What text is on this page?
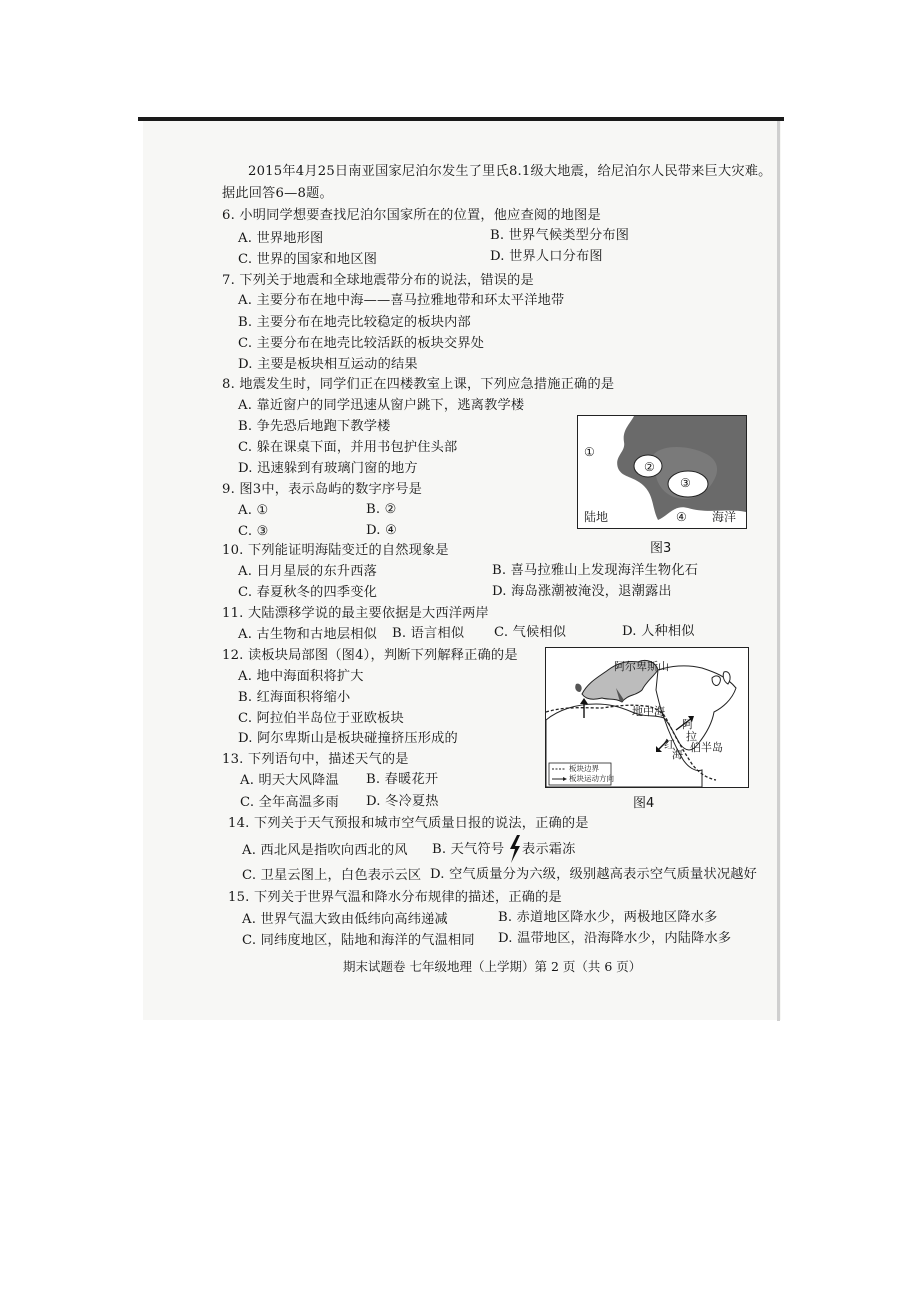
2015年4月25日南亚国家尼泊尔发生了里氏8.1级大地震，给尼泊尔人民带来巨大灾难。
据此回答6—8题。
6. 小明同学想要查找尼泊尔国家所在的位置，他应查阅的地图是
A. 世界地形图	B. 世界气候类型分布图
C. 世界的国家和地区图	D. 世界人口分布图
7. 下列关于地震和全球地震带分布的说法，错误的是
A. 主要分布在地中海——喜马拉雅地带和环太平洋地带
B. 主要分布在地壳比较稳定的板块内部
C. 主要分布在地壳比较活跃的板块交界处
D. 主要是板块相互运动的结果
8. 地震发生时，同学们正在四楼教室上课，下列应急措施正确的是
A. 靠近窗户的同学迅速从窗户跳下，逃离教学楼
B. 争先恐后地跑下教学楼
C. 躲在课桌下面，并用书包护住头部
D. 迅速躲到有玻璃门窗的地方
9. 图3中，表示岛屿的数字序号是
A. ①	B. ②
C. ③	D. ④
①
②
③
④
陆地	海洋
图3
10. 下列能证明海陆变迁的自然现象是
A. 日月星辰的东升西落	B. 喜马拉雅山上发现海洋生物化石
C. 春夏秋冬的四季变化	D. 海岛涨潮被淹没，退潮露出
11. 大陆漂移学说的最主要依据是大西洋两岸
A. 古生物和古地层相似 B. 语言相似 C. 气候相似	D. 人种相似
12. 读板块局部图（图4），判断下列解释正确的是
A. 地中海面积将扩大
B. 红海面积将缩小
C. 阿拉伯半岛位于亚欧板块
D. 阿尔卑斯山是板块碰撞挤压形成的
阿尔卑斯山
地中海
阿
拉
伯半岛
红
海
板块边界
板块运动方向
图4
13. 下列语句中，描述天气的是
A. 明天大风降温 B. 春暖花开
C. 全年高温多雨 D. 冬冷夏热
14. 下列关于天气预报和城市空气质量日报的说法，正确的是
A. 西北风是指吹向西北的风 B. 天气符号 表示霜冻
C. 卫星云图上，白色表示云区 D. 空气质量分为六级，级别越高表示空气质量状况越好
15. 下列关于世界气温和降水分布规律的描述，正确的是
A. 世界气温大致由低纬向高纬递减	B. 赤道地区降水少，两极地区降水多
C. 同纬度地区，陆地和海洋的气温相同 D. 温带地区，沿海降水少，内陆降水多
期末试题卷 七年级地理（上学期）第 2 页（共 6 页）
